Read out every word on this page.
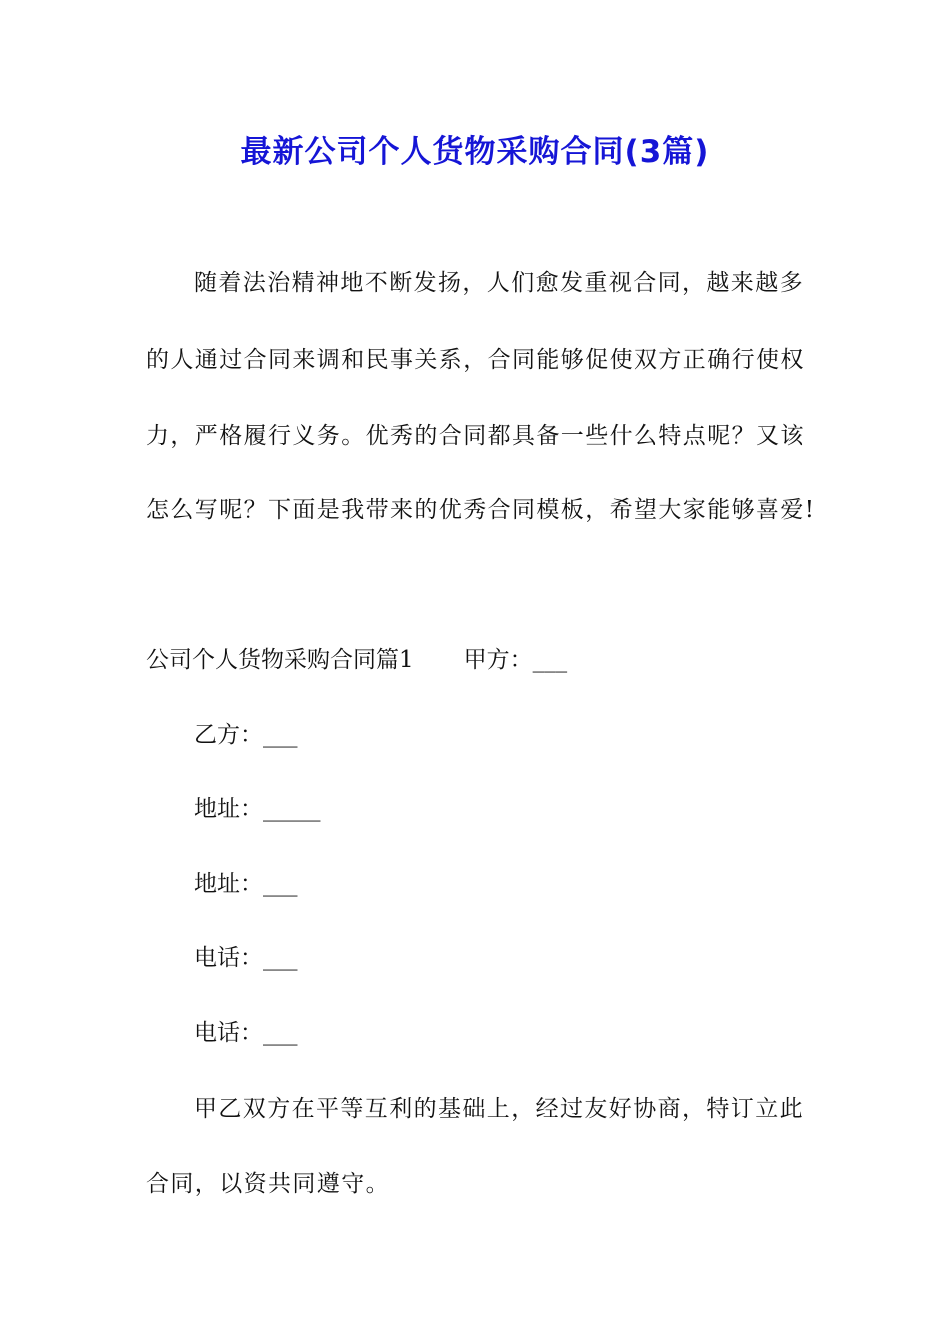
最新公司个人货物采购合同(3篇)
随着法治精神地不断发扬，人们愈发重视合同，越来越多
的人通过合同来调和民事关系，合同能够促使双方正确行使权
力，严格履行义务。优秀的合同都具备一些什么特点呢？又该
怎么写呢？下面是我带来的优秀合同模板，希望大家能够喜爱!
公司个人货物采购合同篇1 甲方：___
乙方：___
地址：_____
地址：___
电话：___
电话：___
甲乙双方在平等互利的基础上，经过友好协商，特订立此
合同，以资共同遵守。
